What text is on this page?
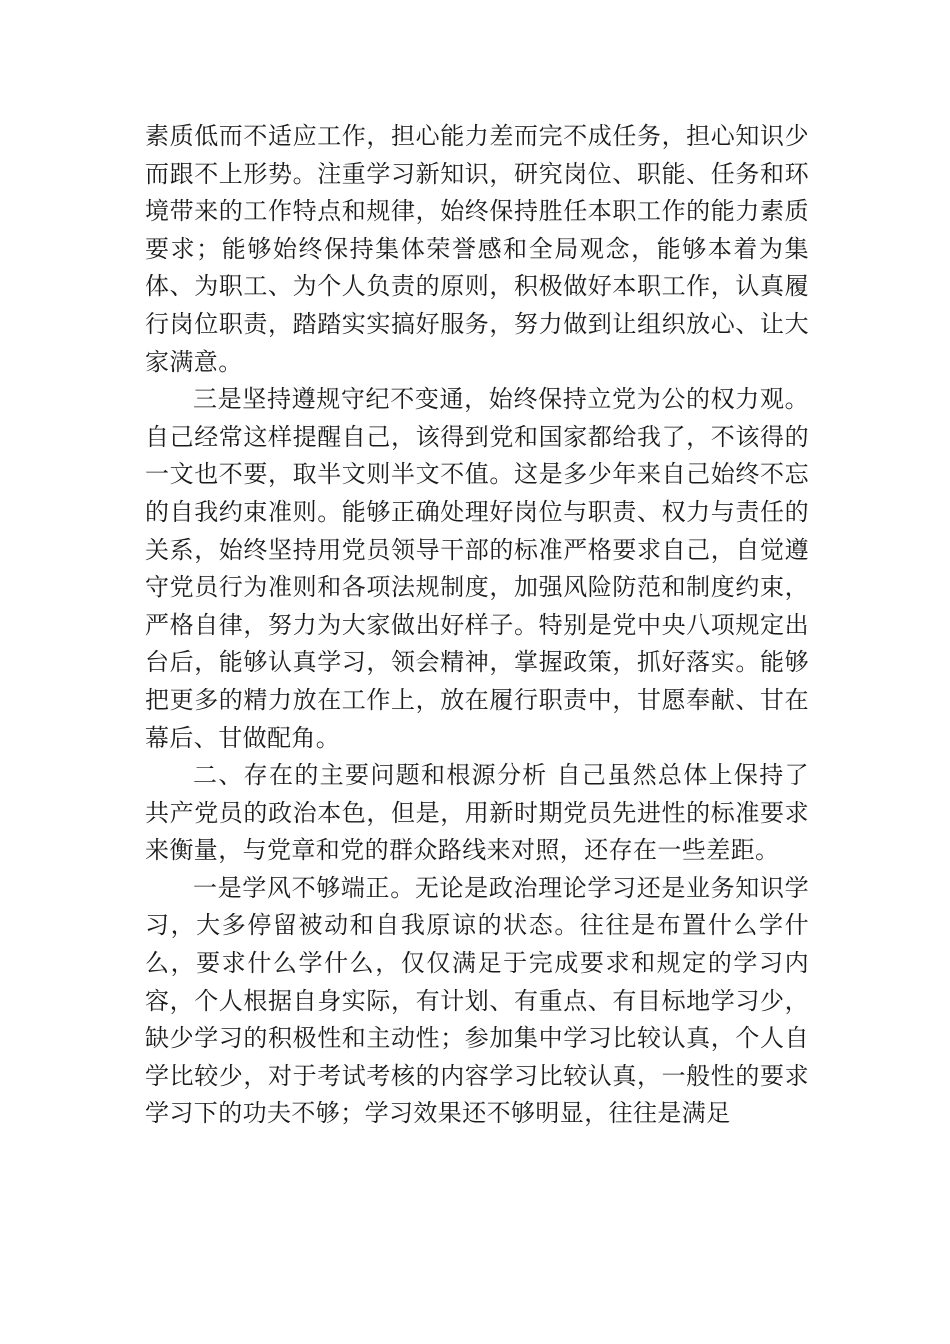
素质低而不适应工作，担心能力差而完不成任务，担心知识少而跟不上形势。注重学习新知识，研究岗位、职能、任务和环境带来的工作特点和规律，始终保持胜任本职工作的能力素质要求；能够始终保持集体荣誉感和全局观念，能够本着为集体、为职工、为个人负责的原则，积极做好本职工作，认真履行岗位职责，踏踏实实搞好服务，努力做到让组织放心、让大家满意。

三是坚持遵规守纪不变通，始终保持立党为公的权力观。自己经常这样提醒自己，该得到党和国家都给我了，不该得的一文也不要，取半文则半文不值。这是多少年来自己始终不忘的自我约束准则。能够正确处理好岗位与职责、权力与责任的关系，始终坚持用党员领导干部的标准严格要求自己，自觉遵守党员行为准则和各项法规制度，加强风险防范和制度约束，严格自律，努力为大家做出好样子。特别是党中央八项规定出台后，能够认真学习，领会精神，掌握政策，抓好落实。能够把更多的精力放在工作上，放在履行职责中，甘愿奉献、甘在幕后、甘做配角。

二、存在的主要问题和根源分析 自己虽然总体上保持了共产党员的政治本色，但是，用新时期党员先进性的标准要求来衡量，与党章和党的群众路线来对照，还存在一些差距。

一是学风不够端正。无论是政治理论学习还是业务知识学习，大多停留被动和自我原谅的状态。往往是布置什么学什么，要求什么学什么，仅仅满足于完成要求和规定的学习内容，个人根据自身实际，有计划、有重点、有目标地学习少，缺少学习的积极性和主动性；参加集中学习比较认真，个人自学比较少，对于考试考核的内容学习比较认真，一般性的要求学习下的功夫不够；学习效果还不够明显，往往是满足
